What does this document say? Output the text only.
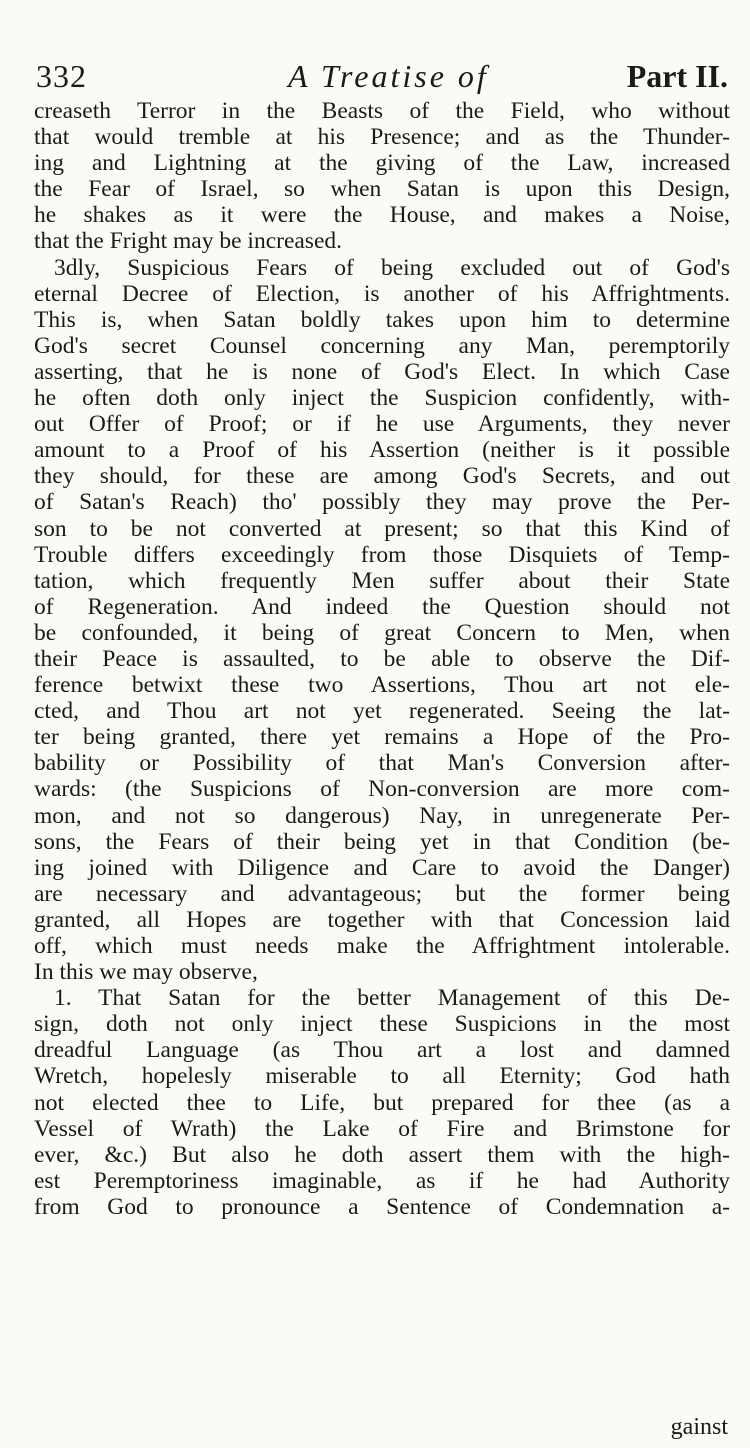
332	A Treatise of	Part II.
creaseth Terror in the Beasts of the Field, who without
that would tremble at his Presence; and as the Thunder-
ing and Lightning at the giving of the Law, increased
the Fear of Israel, so when Satan is upon this Design,
he shakes as it were the House, and makes a Noise,
that the Fright may be increased.
3dly, Suspicious Fears of being excluded out of God's
eternal Decree of Election, is another of his Affrightments.
This is, when Satan boldly takes upon him to determine
God's secret Counsel concerning any Man, peremptorily
asserting, that he is none of God's Elect. In which Case
he often doth only inject the Suspicion confidently, with-
out Offer of Proof; or if he use Arguments, they never
amount to a Proof of his Assertion (neither is it possible
they should, for these are among God's Secrets, and out
of Satan's Reach) tho' possibly they may prove the Per-
son to be not converted at present; so that this Kind of
Trouble differs exceedingly from those Disquiets of Temp-
tation, which frequently Men suffer about their State
of Regeneration. And indeed the Question should not
be confounded, it being of great Concern to Men, when
their Peace is assaulted, to be able to observe the Dif-
ference betwixt these two Assertions, Thou art not ele-
cted, and Thou art not yet regenerated. Seeing the lat-
ter being granted, there yet remains a Hope of the Pro-
bability or Possibility of that Man's Conversion after-
wards: (the Suspicions of Non-conversion are more com-
mon, and not so dangerous) Nay, in unregenerate Per-
sons, the Fears of their being yet in that Condition (be-
ing joined with Diligence and Care to avoid the Danger)
are necessary and advantageous; but the former being
granted, all Hopes are together with that Concession laid
off, which must needs make the Affrightment intolerable.
In this we may observe,
1. That Satan for the better Management of this De-
sign, doth not only inject these Suspicions in the most
dreadful Language (as Thou art a lost and damned
Wretch, hopelesly miserable to all Eternity; God hath
not elected thee to Life, but prepared for thee (as a
Vessel of Wrath) the Lake of Fire and Brimstone for
ever, &c.) But also he doth assert them with the high-
est Peremptoriness imaginable, as if he had Authority
from God to pronounce a Sentence of Condemnation a-
gainst
